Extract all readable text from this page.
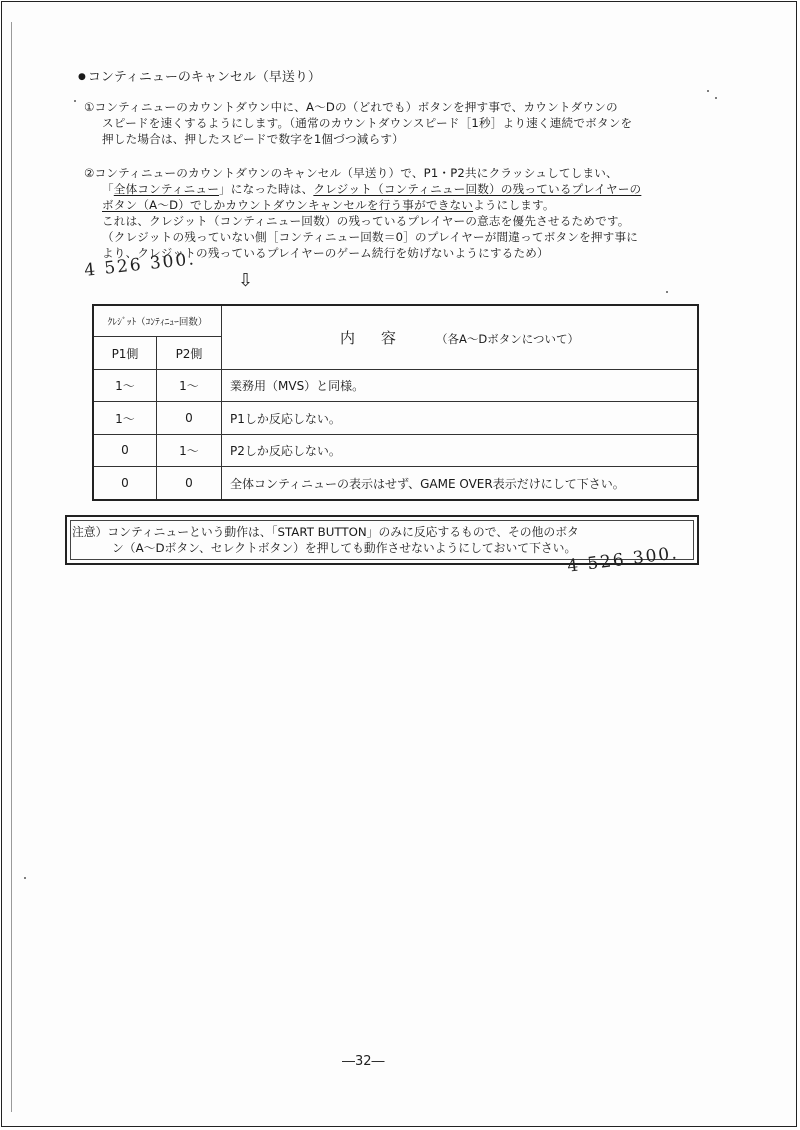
● コンティニューのキャンセル（早送り）
①コンティニューのカウントダウン中に、A～Dの（どれでも）ボタンを押す事で、カウントダウンの
スピードを速くするようにします。（通常のカウントダウンスピード［1秒］より速く連続でボタンを
押した場合は、押したスピードで数字を1個づつ減らす）
②コンティニューのカウントダウンのキャンセル（早送り）で、P1・P2共にクラッシュしてしまい、
「全体コンティニュー」になった時は、クレジット（コンティニュー回数）の残っているプレイヤーの
ボタン（A～D）でしかカウントダウンキャンセルを行う事ができないようにします。
これは、クレジット（コンティニュー回数）の残っているプレイヤーの意志を優先させるためです。
（クレジットの残っていない側［コンティニュー回数＝0］のプレイヤーが間違ってボタンを押す事に
より、クレジットの残っているプレイヤーのゲーム続行を妨げないようにするため）
4 526 300. ⇩
ｸﾚｼﾞｯﾄ（ｺﾝﾃｨﾆｭｰ回数）		内容 （各A～Dボタンについて）
P1側	P2側	
1～	1～	業務用（MVS）と同様。
1～	0	P1しか反応しない。
0	1～	P2しか反応しない。
0	0	全体コンティニューの表示はせず、GAME OVER表示だけにして下さい。
注意）コンティニューという動作は、「START BUTTON」のみに反応するもので、その他のボタ
ン（A～Dボタン、セレクトボタン）を押しても動作させないようにしておいて下さい。
4 526 300.
―32―
